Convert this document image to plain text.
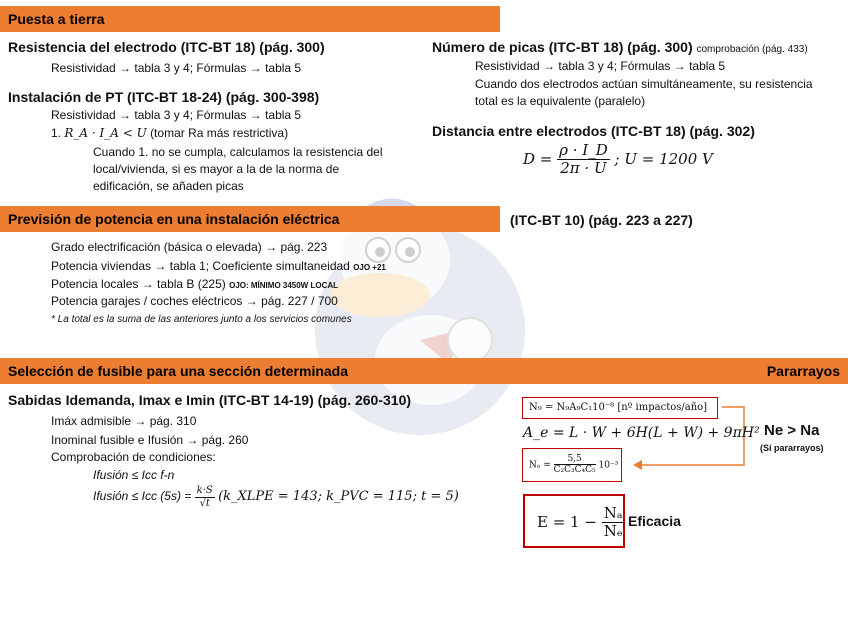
Puesta a tierra
Resistencia del electrodo (ITC-BT 18) (pág. 300)
Resistividad → tabla 3 y 4; Fórmulas → tabla 5
Instalación de PT (ITC-BT 18-24) (pág. 300-398)
Resistividad → tabla 3 y 4; Fórmulas → tabla 5
1. R_A · I_A < U (tomar Ra más restrictiva)
Cuando 1. no se cumpla, calculamos la resistencia del
local/vivienda, si es mayor a la de la norma de
edificación, se añaden picas
Número de picas (ITC-BT 18) (pág. 300) comprobación (pág. 433)
Resistividad → tabla 3 y 4; Fórmulas → tabla 5
Cuando dos electrodos actúan simultáneamente, su resistencia
total es la equivalente (paralelo)
Distancia entre electrodos (ITC-BT 18) (pág. 302)
$D = \frac{\rho \cdot I\_D}{2\pi \cdot U}$ ; U = 1200 V
Previsión de potencia en una instalación eléctrica	(ITC-BT 10) (pág. 223 a 227)
Grado electrificación (básica o elevada) → pág. 223
Potencia viviendas → tabla 1; Coeficiente simultaneidad OJO +21
Potencia locales → tabla B (225) OJO: MÍNIMO 3450W LOCAL
Potencia garajes / coches eléctricos → pág. 227 / 700
* La total es la suma de las anteriores junto a los servicios comunes
Selección de fusible para una sección determinada	Pararrayos
Sabidas Idemanda, Imax e Imin (ITC-BT 14-19) (pág. 260-310)
Imáx admisible → pág. 310
Inominal fusible e Ifusión → pág. 260
Comprobación de condiciones:
Ifusión ≤ Icc f-n
Ifusión ≤ Icc $(5s) = \frac{k\cdot S}{√t}$ (k_XLPE = 143; k_PVC = 115; t = 5)
N₉ = N₉A₉C₁10⁻⁸ [nº impactos/año]
A_e = L · W + 6H(L + W) + 9πH²
$N_a = \frac{5,5}{\text{C₂C₃C₄C₅}} 10^{-3}$
$E = 1 - \frac{\text{Nₐ}}{\text{Nₑ}}$ Eficacia
Ne > Na
(Sí pararrayos)
